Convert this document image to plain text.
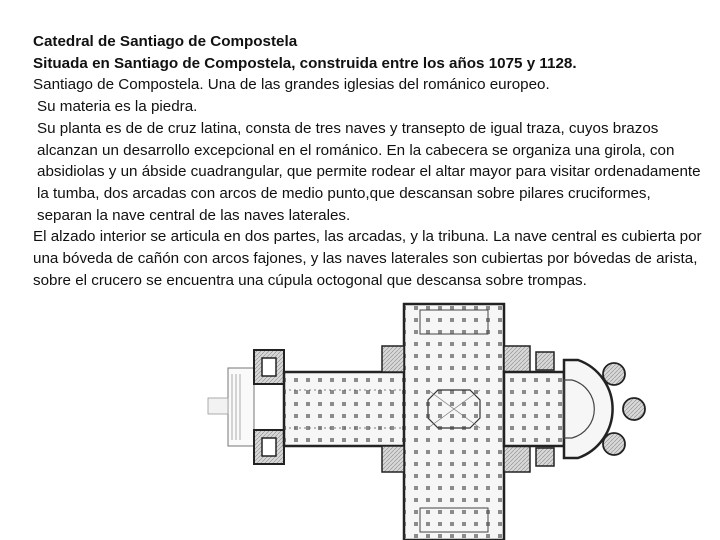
Catedral de Santiago de Compostela

Situada en Santiago de Compostela, construida entre los años 1075 y 1128.

Santiago de Compostela. Una de las grandes iglesias del románico europeo.

Su materia es la piedra.

Su planta es de de cruz latina, consta de tres naves y transepto de igual traza, cuyos brazos alcanzan un desarrollo excepcional en el románico. En la cabecera se organiza una girola, con absidiolas y un ábside cuadrangular, que permite rodear el altar mayor para visitar ordenadamente la tumba, dos arcadas con arcos de medio punto,que descansan sobre pilares cruciformes, separan la nave central de las naves laterales.

El alzado interior se articula en dos partes, las arcadas, y la tribuna. La nave central es cubierta por una bóveda de cañón con arcos fajones, y las naves laterales son cubiertas por bóvedas de arista, sobre el crucero se encuentra una cúpula octogonal que descansa sobre trompas.
